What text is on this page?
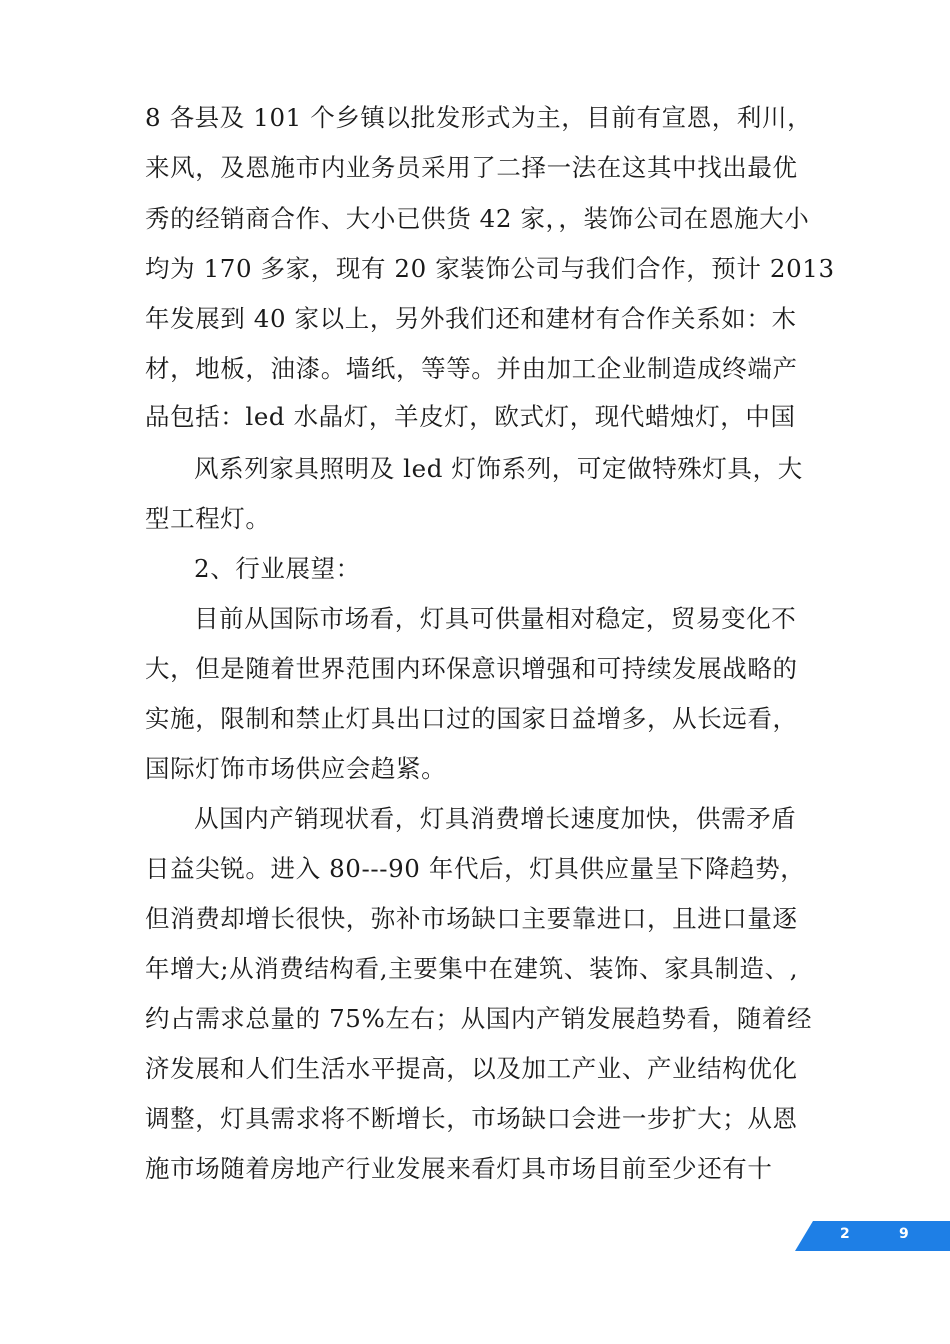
8 各县及 101 个乡镇以批发形式为主，目前有宣恩，利川，
来风，及恩施市内业务员采用了二择一法在这其中找出最优
秀的经销商合作、大小已供货 42 家，，装饰公司在恩施大小
均为 170 多家，现有 20 家装饰公司与我们合作，预计 2013
年发展到 40 家以上，另外我们还和建材有合作关系如：木
材，地板，油漆。墙纸，等等。并由加工企业制造成终端产
品包括：led 水晶灯，羊皮灯，欧式灯，现代蜡烛灯，中国
风系列家具照明及 led 灯饰系列，可定做特殊灯具，大
型工程灯。
2、行业展望：
目前从国际市场看，灯具可供量相对稳定，贸易变化不
大，但是随着世界范围内环保意识增强和可持续发展战略的
实施，限制和禁止灯具出口过的国家日益增多，从长远看，
国际灯饰市场供应会趋紧。
从国内产销现状看，灯具消费增长速度加快，供需矛盾
日益尖锐。进入 80---90 年代后，灯具供应量呈下降趋势，
但消费却增长很快，弥补市场缺口主要靠进口，且进口量逐
年增大;从消费结构看,主要集中在建筑、装饰、家具制造、,
约占需求总量的 75%左右；从国内产销发展趋势看，随着经
济发展和人们生活水平提高，以及加工产业、产业结构优化
调整，灯具需求将不断增长，市场缺口会进一步扩大；从恩
施市场随着房地产行业发展来看灯具市场目前至少还有十
2	9
